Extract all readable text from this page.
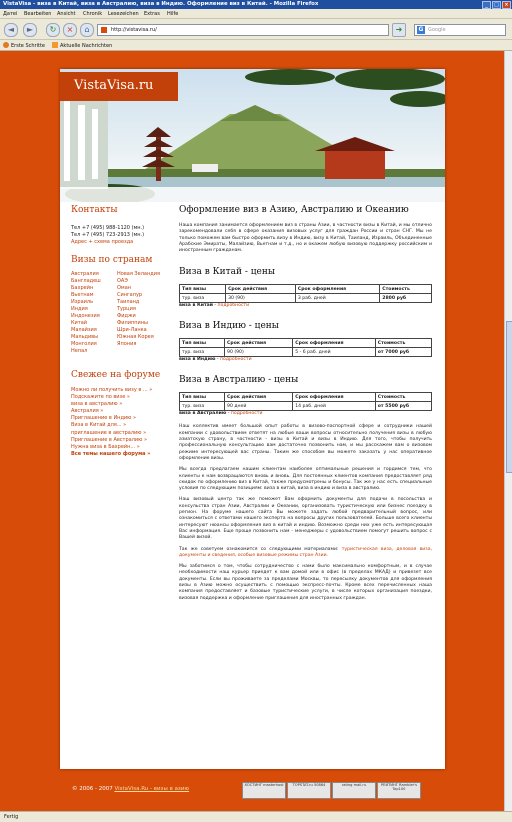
VistaVisa - виза в Китай, виза в Австралию, виза в Индию. Оформление виз в Китай. - Mozilla Firefox	_	□	×
Датei Bearbeiten Ansicht Chronik Lesezeichen Extras Hilfe
◄	►	↻	×	⌂	http://vistavisa.ru/	➜	G Google
Erste Schritte	Aktuelle Nachrichten
VistaVisa.ru
Контакты
Тел +7 (495) 988-1120 (мн.)
Тел +7 (495) 723-2913 (мн.)
Адрес + схема проезда
Визы по странам
Австралия
Бангладеш
Бахрейн
Вьетнам
Израиль
Индия
Индонезия
Китай
Малайзия
Мальдивы
Монголия
Непал
Новая Зеландия
ОАЭ
Оман
Сингапур
Таиланд
Турция
Фиджи
Филиппины
Шри-Ланка
Южная Корея
Япония
Свежее на форуме
Можно ли получить визу в ... »
Подскажите по визе »
визa в австралию »
Австралия »
Приглашение в Индию »
Виза в Китай для... »
приглашение в австралию »
Приглашение в Австралию »
Нужна виза в Бахрейн... »
Все темы нашего форума »
Оформление виз в Азию, Австралию и Океанию
Наша компания занимается оформлением виз в страны Азии, в частности визы в Китай, и мы отлично зарекомендовали себя в сфере оказания визовых услуг для граждан России и стран СНГ. Мы не только поможем вам быстро оформить визу в Индию, визу в Китай, Таиланд, Израиль, Объединенные Арабские Эмираты, Малайзию, Вьетнам и т.д., но и окажем любую визовую поддержку российским и иностранным гражданам.
Виза в Китай - цены
Тип визы	Срок действия	Срок оформления	Стоимость
тур. виза	30 (90)	3 раб. дней	2800 руб
виза в Китай - подробности
Виза в Индию - цены
Тип визы	Срок действия	Срок оформления	Стоимость
тур. виза	90 (90)	5 - 6 раб. дней	от 7000 руб
виза в Индию - подробности
Виза в Австралию - цены
Тип визы	Срок действия	Срок оформления	Стоимость
тур. виза	90 дней	14 раб. дней	от 5500 руб
виза в Австралию - подробности
Наш коллектив имеет большой опыт работы в визово-паспортной сфере и сотрудники нашей компании с удовольствием ответят на любые ваши вопросы относительно получения визы в любую азиатскую страну, в частности - визы в Китай и визы в Индию. Для того, чтобы получить профессиональную консультацию вам достаточно позвонить нам, и мы расскажем вам о визовом режиме интересующей вас страны. Таким же способом вы можете заказать у нас оперативное оформление визы.
Мы всегда предлагаем нашим клиентам наиболее оптимальные решения и гордимся тем, что клиенты к нам возвращаются вновь и вновь. Для постоянных клиентов компания предоставляет ряд скидок по оформлению виз в Китай, также предусмотрены и бонусы. Так же у нас есть специальные условия по следующим позициям: виза в китай, виза в индию и виза в австралию.
Наш визовый центр так же поможет Вам оформить документы для подачи в посольства и консульства стран Азии, Австралии и Океании, организовать туристическую или бизнес поездку в регион. На форуме нашего сайта Вы можете задать любой предварительный вопрос, или ознакомиться с ответами нашего эксперта на вопросы других пользователей. Больше всего клиенты интересуют нюансы оформления виз в китай и индию. Возможно среди них уже есть интересующая Вас информация. Еще проще позвонить нам - менеджеры с удовольствием помогут решить вопрос с Вашей визой.
Так же советуем ознакомится со следующими материалами: туристическая виза, деловая виза, документы и сведения, особые визовые режимы стран Азии.
Мы заботимся о том, чтобы сотрудничество с нами было максимально комфортным, и в случае необходимости наш курьер приедет к вам домой или в офис (в пределах МКАД) и привезет все документы. Если вы проживаете за пределами Москвы, то пересылку документов для оформления визы в Азию можно осуществить с помощью экспресс-почты. Кроме всех перечисленных наша компания предоставляет и базовые туристические услуги, в числе которых организация поездки, визовая поддержка и оформление приглашения для иностранных граждан.
© 2006 - 2007 VistaVisa.Ru - визы в азию
ХОСТИНГ masterhost	TOPSTAT.ru 50864	rating mail.ru	РЕЙТИНГ Rambler's Top100
Fertig
